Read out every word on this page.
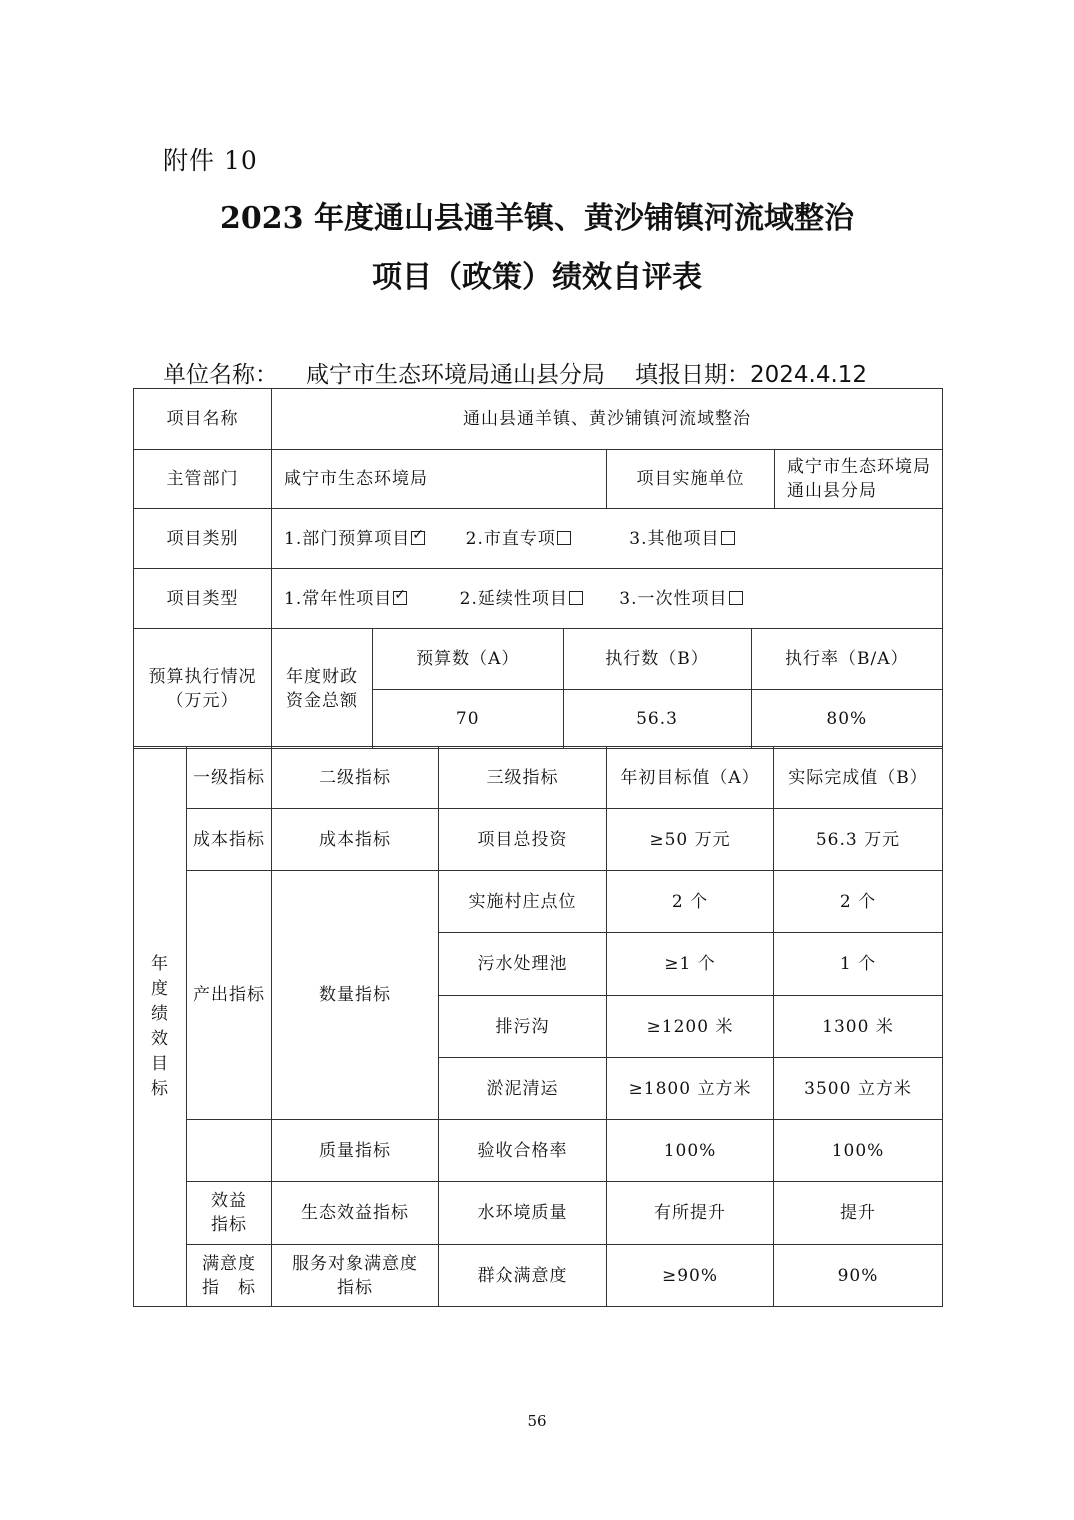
附件 10
2023 年度通山县通羊镇、黄沙铺镇河流域整治
项目（政策）绩效自评表
单位名称： 咸宁市生态环境局通山县分局 填报日期：2024.4.12
项目名称	通山县通羊镇、黄沙铺镇河流域整治
主管部门	咸宁市生态环境局	项目实施单位	咸宁市生态环境局通山县分局
项目类别	1.部门预算项目 ✓	2.市直专项	3.其他项目
项目类型	1.常年性项目 ✓	2.延续性项目	3.一次性项目
预算执行情况（万元）	年度财政资金总额	
预算数（A）	执行数（B）	执行率（B/A）
70	56.3	80%
年度绩效目标	一级指标	二级指标	三级指标	年初目标值（A）	实际完成值（B）
	成本指标	成本指标	项目总投资	≥50 万元	56.3 万元
	产出指标	数量指标	实施村庄点位	2 个	2 个
			污水处理池	≥1 个	1 个
			排污沟	≥1200 米	1300 米
			淤泥清运	≥1800 立方米	3500 立方米
		质量指标	验收合格率	100%	100%
	效益指标	生态效益指标	水环境质量	有所提升	提升
	满意度指　标	服务对象满意度指标	群众满意度	≥90%	90%
56
